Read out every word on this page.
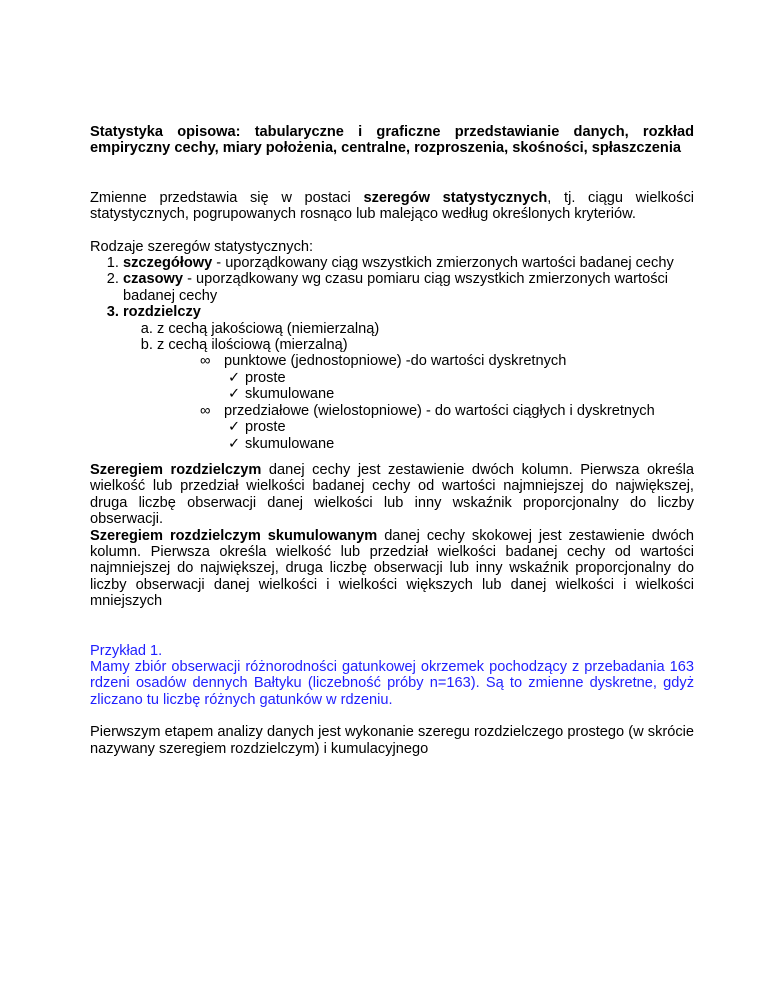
Statystyka opisowa: tabularyczne i graficzne przedstawianie danych, rozkład empiryczny cechy, miary położenia, centralne, rozproszenia, skośności, spłaszczenia

Zmienne przedstawia się w postaci szeregów statystycznych, tj. ciągu wielkości statystycznych, pogrupowanych rosnąco lub malejąco według określonych kryteriów.

Rodzaje szeregów statystycznych:

1. szczegółowy - uporządkowany ciąg wszystkich zmierzonych wartości badanej cechy
2. czasowy - uporządkowany wg czasu pomiaru ciąg wszystkich zmierzonych wartości badanej cechy
3. rozdzielczy
a. z cechą jakościową (niemierzalną)
b. z cechą ilościową (mierzalną)
∞ punktowe (jednostopniowe) -do wartości dyskretnych
✓ proste
✓ skumulowane
∞ przedziałowe (wielostopniowe) - do wartości ciągłych i dyskretnych
✓ proste
✓ skumulowane

Szeregiem rozdzielczym danej cechy jest zestawienie dwóch kolumn. Pierwsza określa wielkość lub przedział wielkości badanej cechy od wartości najmniejszej do największej, druga liczbę obserwacji danej wielkości lub inny wskaźnik proporcjonalny do liczby obserwacji.

Szeregiem rozdzielczym skumulowanym danej cechy skokowej jest zestawienie dwóch kolumn. Pierwsza określa wielkość lub przedział wielkości badanej cechy od wartości najmniejszej do największej, druga liczbę obserwacji lub inny wskaźnik proporcjonalny do liczby obserwacji danej wielkości i wielkości większych lub danej wielkości i wielkości mniejszych

Przykład 1.

Mamy zbiór obserwacji różnorodności gatunkowej okrzemek pochodzący z przebadania 163 rdzeni osadów dennych Bałtyku (liczebność próby n=163). Są to zmienne dyskretne, gdyż zliczano tu liczbę różnych gatunków w rdzeniu.

Pierwszym etapem analizy danych jest wykonanie szeregu rozdzielczego prostego (w skrócie nazywany szeregiem rozdzielczym) i kumulacyjnego
